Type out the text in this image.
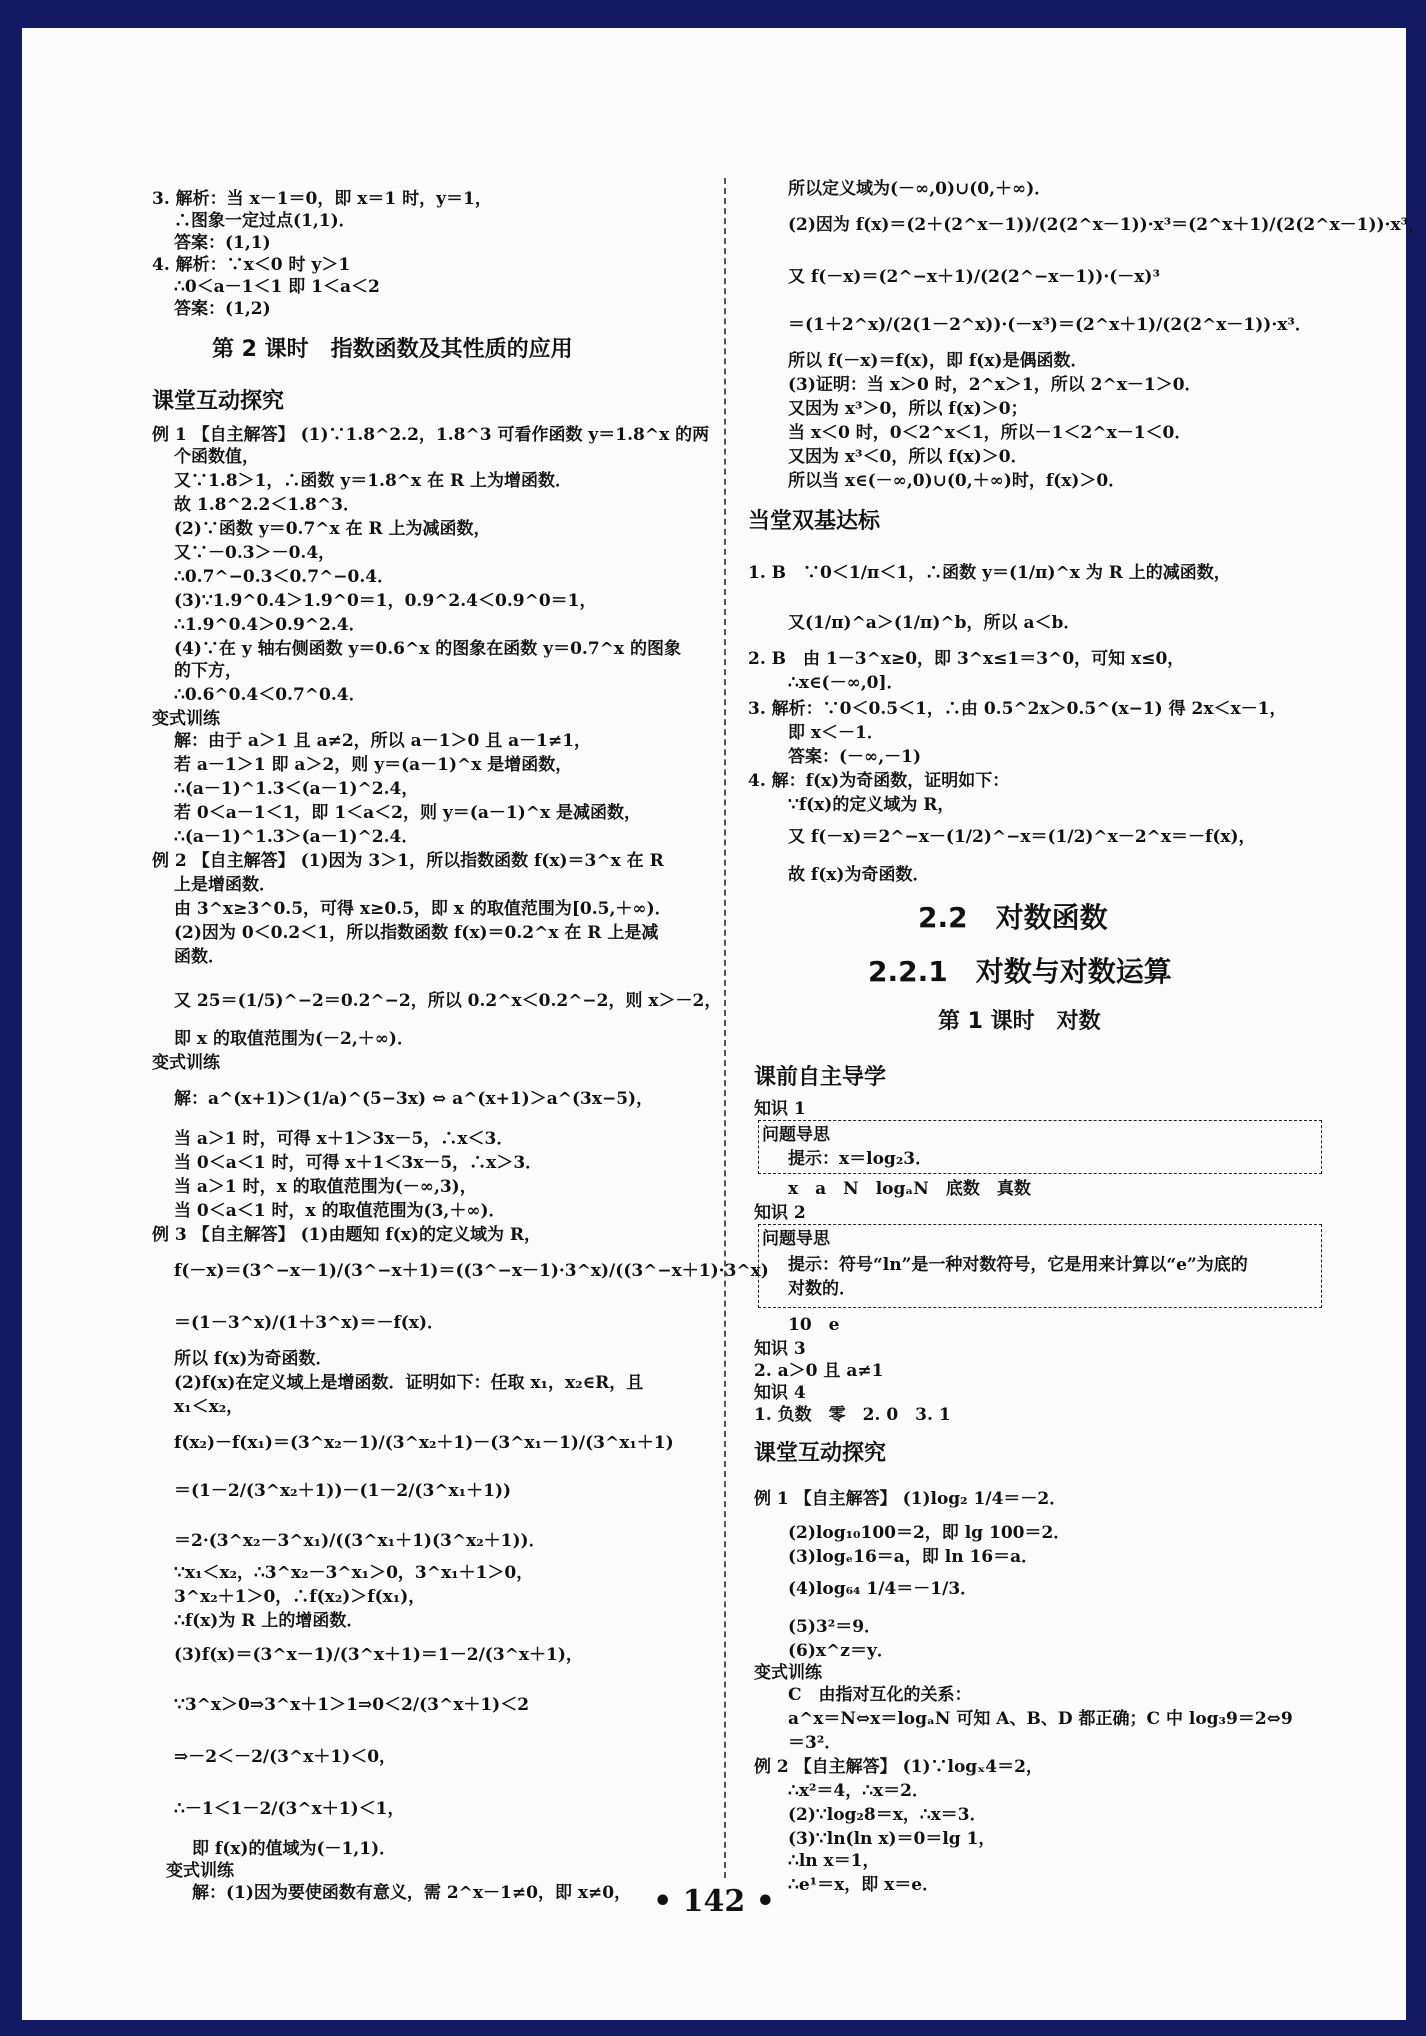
3. 解析：当 x－1＝0，即 x＝1 时，y＝1，
∴图象一定过点(1,1)．
答案：(1,1)
4. 解析：∵x＜0 时 y＞1
∴0＜a－1＜1 即 1＜a＜2
答案：(1,2)
第 2 课时　指数函数及其性质的应用
课堂互动探究
例 1 【自主解答】 (1)∵1.8^2.2，1.8^3 可看作函数 y＝1.8^x 的两
个函数值，
又∵1.8＞1，∴函数 y＝1.8^x 在 R 上为增函数．
故 1.8^2.2＜1.8^3．
(2)∵函数 y＝0.7^x 在 R 上为减函数，
又∵－0.3＞－0.4，
∴0.7^−0.3＜0.7^−0.4．
(3)∵1.9^0.4＞1.9^0＝1，0.9^2.4＜0.9^0＝1，
∴1.9^0.4＞0.9^2.4．
(4)∵在 y 轴右侧函数 y＝0.6^x 的图象在函数 y＝0.7^x 的图象
的下方，
∴0.6^0.4＜0.7^0.4．
变式训练
解：由于 a＞1 且 a≠2，所以 a－1＞0 且 a－1≠1，
若 a－1＞1 即 a＞2，则 y＝(a－1)^x 是增函数，
∴(a－1)^1.3＜(a－1)^2.4，
若 0＜a－1＜1，即 1＜a＜2，则 y＝(a－1)^x 是减函数，
∴(a－1)^1.3＞(a－1)^2.4．
例 2 【自主解答】 (1)因为 3＞1，所以指数函数 f(x)＝3^x 在 R
上是增函数．
由 3^x≥3^0.5，可得 x≥0.5，即 x 的取值范围为[0.5,＋∞)．
(2)因为 0＜0.2＜1，所以指数函数 f(x)＝0.2^x 在 R 上是减
函数．
又 25＝(1/5)^−2＝0.2^−2，所以 0.2^x＜0.2^−2，则 x＞－2，
即 x 的取值范围为(－2,＋∞)．
变式训练
解：a^(x+1)＞(1/a)^(5−3x) ⇔ a^(x+1)＞a^(3x−5)，
当 a＞1 时，可得 x＋1＞3x－5，∴x＜3．
当 0＜a＜1 时，可得 x＋1＜3x－5，∴x＞3．
当 a＞1 时，x 的取值范围为(－∞,3)，
当 0＜a＜1 时，x 的取值范围为(3,＋∞)．
例 3 【自主解答】 (1)由题知 f(x)的定义域为 R，
f(－x)＝(3^−x－1)/(3^−x＋1)＝((3^−x－1)·3^x)/((3^−x＋1)·3^x)
＝(1－3^x)/(1＋3^x)＝－f(x)．
所以 f(x)为奇函数．
(2)f(x)在定义域上是增函数．证明如下：任取 x₁，x₂∈R，且
x₁＜x₂，
f(x₂)－f(x₁)＝(3^x₂－1)/(3^x₂＋1)－(3^x₁－1)/(3^x₁＋1)
＝(1－2/(3^x₂＋1))－(1－2/(3^x₁＋1))
＝2·(3^x₂－3^x₁)/((3^x₁＋1)(3^x₂＋1))．
∵x₁＜x₂，∴3^x₂－3^x₁＞0，3^x₁＋1＞0，
3^x₂＋1＞0，∴f(x₂)＞f(x₁)，
∴f(x)为 R 上的增函数．
(3)f(x)＝(3^x－1)/(3^x＋1)＝1－2/(3^x＋1)，
∵3^x＞0⇒3^x＋1＞1⇒0＜2/(3^x＋1)＜2
⇒－2＜－2/(3^x＋1)＜0，
∴－1＜1－2/(3^x＋1)＜1，
即 f(x)的值域为(－1,1)．
变式训练
解：(1)因为要使函数有意义，需 2^x－1≠0，即 x≠0，
所以定义域为(－∞,0)∪(0,＋∞)．
(2)因为 f(x)＝(2＋(2^x－1))/(2(2^x－1))·x³＝(2^x＋1)/(2(2^x－1))·x³，
又 f(－x)＝(2^−x＋1)/(2(2^−x－1))·(－x)³
＝(1＋2^x)/(2(1－2^x))·(－x³)＝(2^x＋1)/(2(2^x－1))·x³．
所以 f(－x)＝f(x)，即 f(x)是偶函数．
(3)证明：当 x＞0 时，2^x＞1，所以 2^x－1＞0．
又因为 x³＞0，所以 f(x)＞0；
当 x＜0 时，0＜2^x＜1，所以－1＜2^x－1＜0．
又因为 x³＜0，所以 f(x)＞0．
所以当 x∈(－∞,0)∪(0,＋∞)时，f(x)＞0．
当堂双基达标
1. B　∵0＜1/π＜1，∴函数 y＝(1/π)^x 为 R 上的减函数，
又(1/π)^a＞(1/π)^b，所以 a＜b．
2. B　由 1－3^x≥0，即 3^x≤1＝3^0，可知 x≤0，
∴x∈(－∞,0]．
3. 解析：∵0＜0.5＜1，∴由 0.5^2x＞0.5^(x−1) 得 2x＜x－1，
即 x＜－1．
答案：(－∞,－1)
4. 解：f(x)为奇函数，证明如下：
∵f(x)的定义域为 R，
又 f(－x)＝2^−x－(1/2)^−x＝(1/2)^x－2^x＝－f(x)，
故 f(x)为奇函数．
2.2　对数函数
2.2.1　对数与对数运算
第 1 课时　对数
课前自主导学
知识 1
问题导思
提示：x＝log₂3．
x　a　N　logₐN　底数　真数
知识 2
问题导思
提示：符号“ln”是一种对数符号，它是用来计算以“e”为底的
对数的．
10　e
知识 3
2. a＞0 且 a≠1
知识 4
1. 负数　零　2. 0　3. 1
课堂互动探究
例 1 【自主解答】 (1)log₂ 1/4＝－2．
(2)log₁₀100＝2，即 lg 100＝2．
(3)logₑ16＝a，即 ln 16＝a．
(4)log₆₄ 1/4＝－1/3．
(5)3²＝9．
(6)x^z＝y．
变式训练
C　由指对互化的关系：
a^x＝N⇔x＝logₐN 可知 A、B、D 都正确；C 中 log₃9＝2⇔9
＝3²．
例 2 【自主解答】 (1)∵logₓ4＝2，
∴x²＝4，∴x＝2．
(2)∵log₂8＝x，∴x＝3．
(3)∵ln(ln x)＝0＝lg 1，
∴ln x＝1，
∴e¹＝x，即 x＝e．
• 142 •
